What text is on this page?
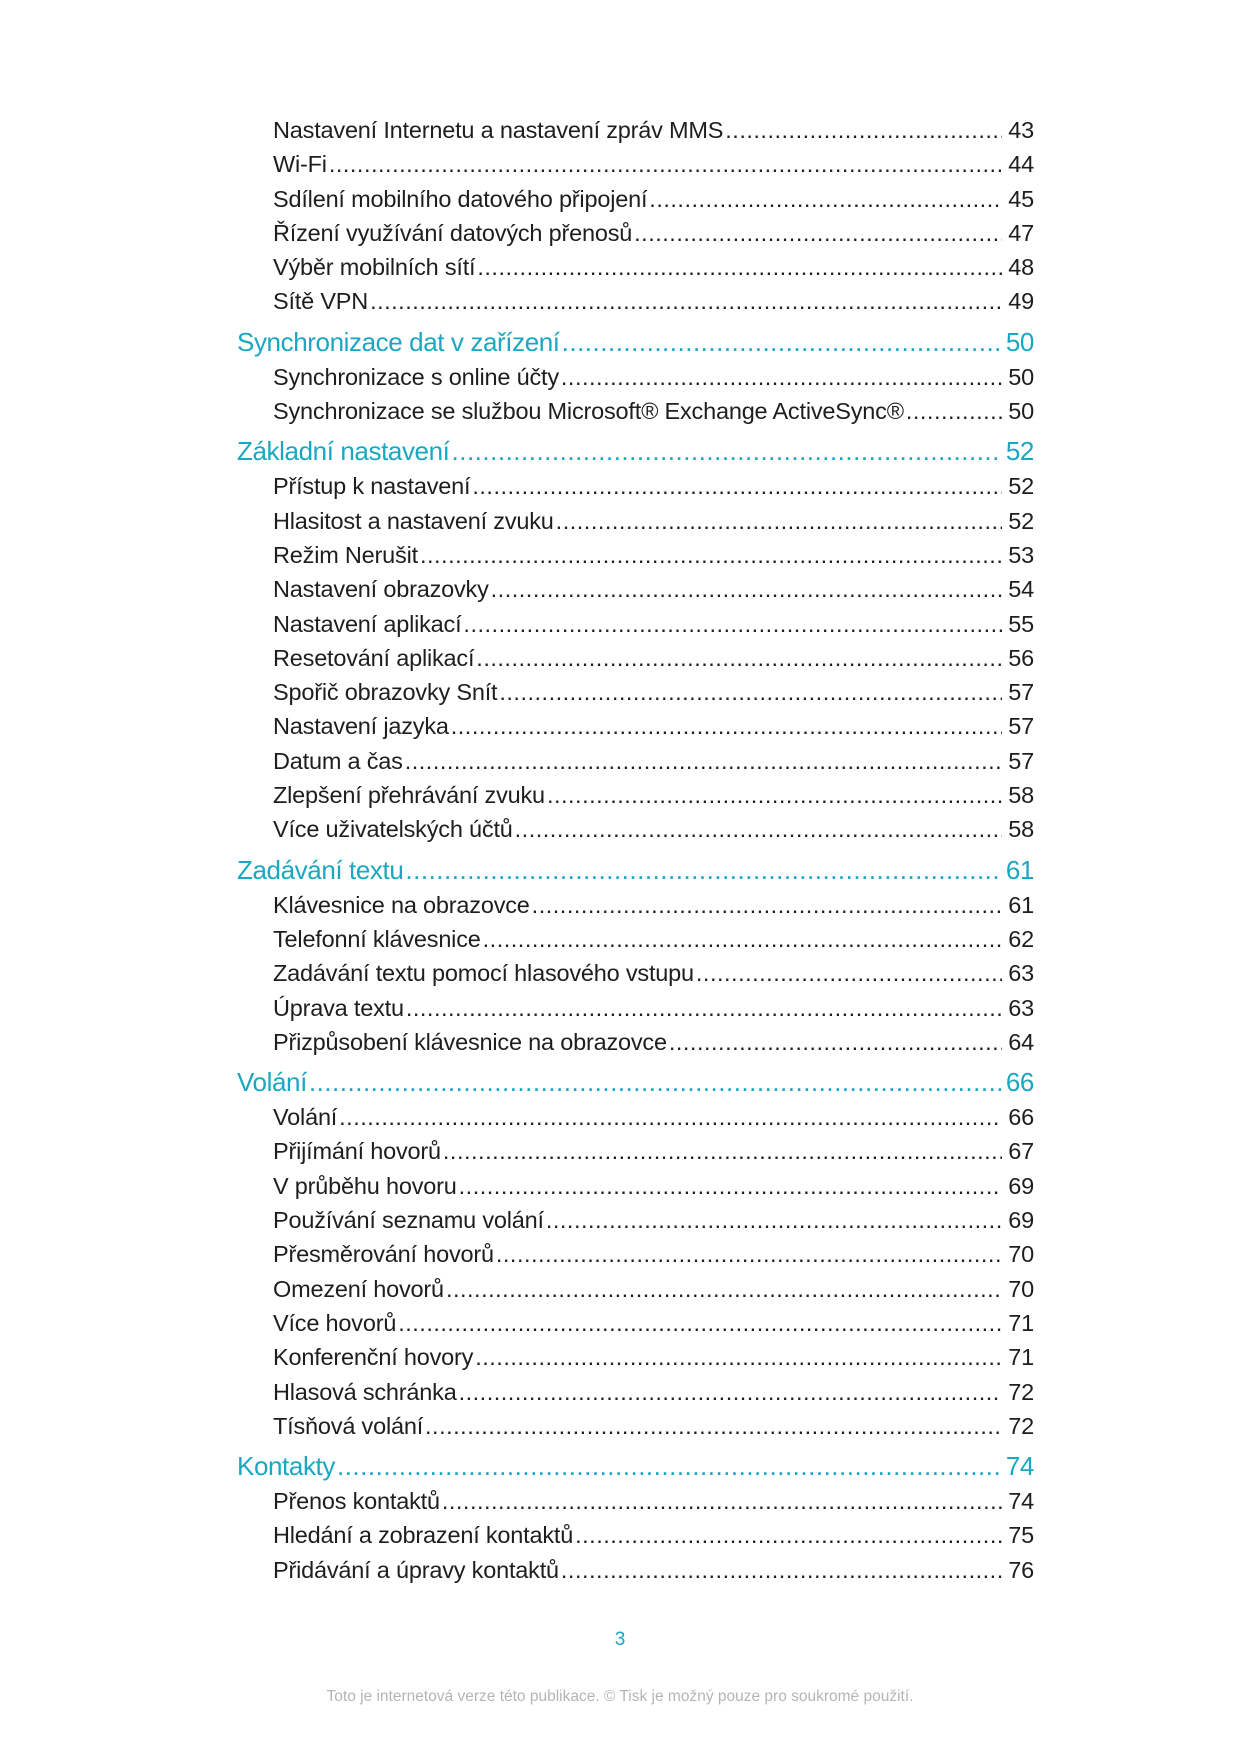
Nastavení Internetu a nastavení zpráv MMS .....	43
Wi-Fi .....	44
Sdílení mobilního datového připojení .....	45
Řízení využívání datových přenosů .....	47
Výběr mobilních sítí .....	48
Sítě VPN .....	49
Synchronizace dat v zařízení .....	50
Synchronizace s online účty .....	50
Synchronizace se službou Microsoft® Exchange ActiveSync® .....	50
Základní nastavení .....	52
Přístup k nastavení .....	52
Hlasitost a nastavení zvuku .....	52
Režim Nerušit .....	53
Nastavení obrazovky .....	54
Nastavení aplikací .....	55
Resetování aplikací .....	56
Spořič obrazovky Snít .....	57
Nastavení jazyka .....	57
Datum a čas .....	57
Zlepšení přehrávání zvuku .....	58
Více uživatelských účtů .....	58
Zadávání textu .....	61
Klávesnice na obrazovce .....	61
Telefonní klávesnice .....	62
Zadávání textu pomocí hlasového vstupu .....	63
Úprava textu .....	63
Přizpůsobení klávesnice na obrazovce .....	64
Volání .....	66
Volání .....	66
Přijímání hovorů .....	67
V průběhu hovoru .....	69
Používání seznamu volání .....	69
Přesměrování hovorů .....	70
Omezení hovorů .....	70
Více hovorů .....	71
Konferenční hovory .....	71
Hlasová schránka .....	72
Tísňová volání .....	72
Kontakty .....	74
Přenos kontaktů .....	74
Hledání a zobrazení kontaktů .....	75
Přidávání a úpravy kontaktů .....	76
3
Toto je internetová verze této publikace. © Tisk je možný pouze pro soukromé použití.
